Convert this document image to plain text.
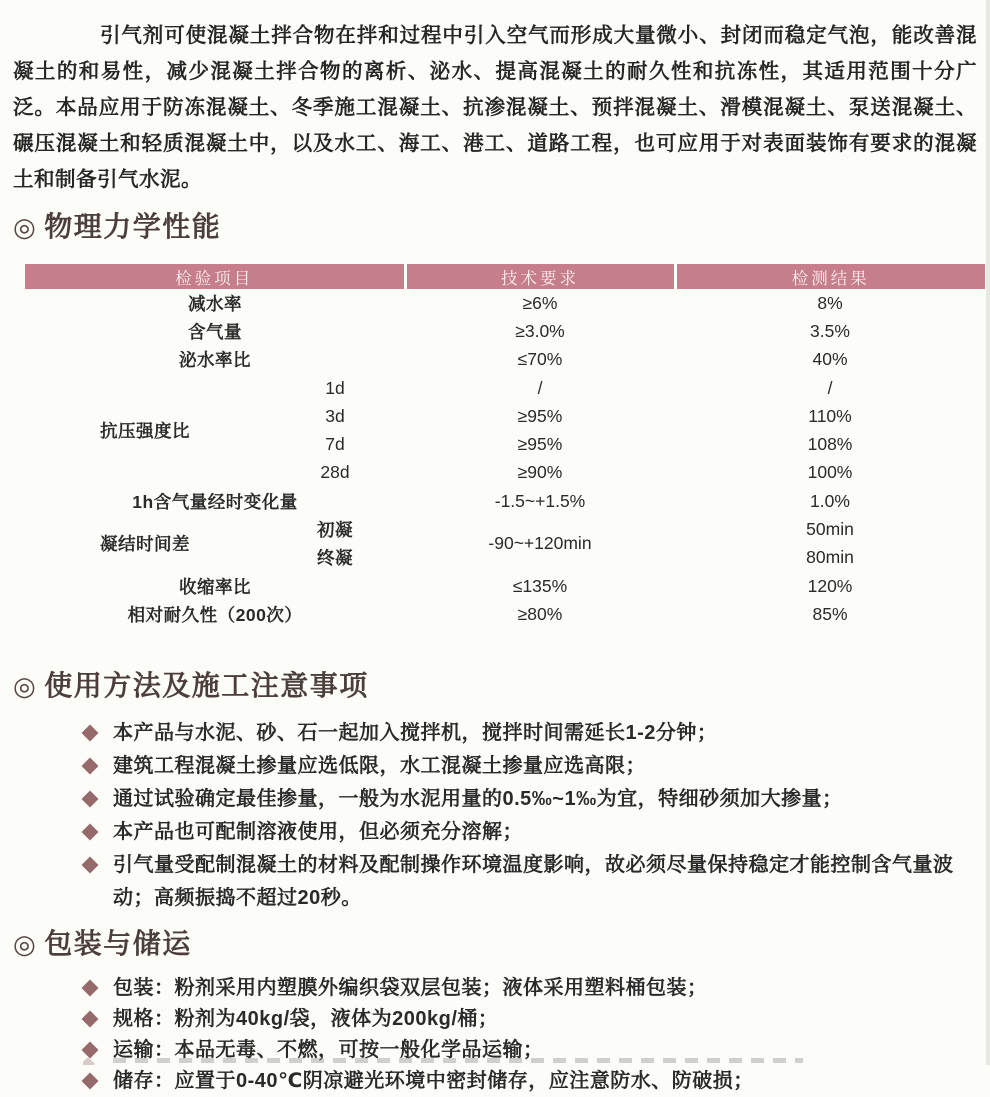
引气剂可使混凝土拌合物在拌和过程中引入空气而形成大量微小、封闭而稳定气泡，能改善混凝土的和易性，减少混凝土拌合物的离析、泌水、提高混凝土的耐久性和抗冻性，其适用范围十分广泛。本品应用于防冻混凝土、冬季施工混凝土、抗渗混凝土、预拌混凝土、滑模混凝土、泵送混凝土、碾压混凝土和轻质混凝土中，以及水工、海工、港工、道路工程，也可应用于对表面装饰有要求的混凝土和制备引气水泥。

◎ 物理力学性能
检验项目		技术要求	检测结果
减水率		≥6%	8%
含气量		≥3.0%	3.5%
泌水率比		≤70%	40%
抗压强度比	1d	/	/
	3d	≥95%	110%
	7d	≥95%	108%
	28d	≥90%	100%
1h含气量经时变化量		-1.5~+1.5%	1.0%
凝结时间差	初凝	-90~+120min	50min
	终凝		80min
收缩率比		≤135%	120%
相对耐久性（200次）		≥80%	85%
◎ 使用方法及施工注意事项
本产品与水泥、砂、石一起加入搅拌机，搅拌时间需延长1-2分钟；
建筑工程混凝土掺量应选低限，水工混凝土掺量应选高限；
通过试验确定最佳掺量，一般为水泥用量的0.5‰~1‰为宜，特细砂须加大掺量；
本产品也可配制溶液使用，但必须充分溶解；
引气量受配制混凝土的材料及配制操作环境温度影响，故必须尽量保持稳定才能控制含气量波动；高频振捣不超过20秒。
◎ 包装与储运
包装：粉剂采用内塑膜外编织袋双层包装；液体采用塑料桶包装；
规格：粉剂为40kg/袋，液体为200kg/桶；
运输：本品无毒、不燃，可按一般化学品运输；
储存：应置于0-40℃阴凉避光环境中密封储存，应注意防水、防破损；
